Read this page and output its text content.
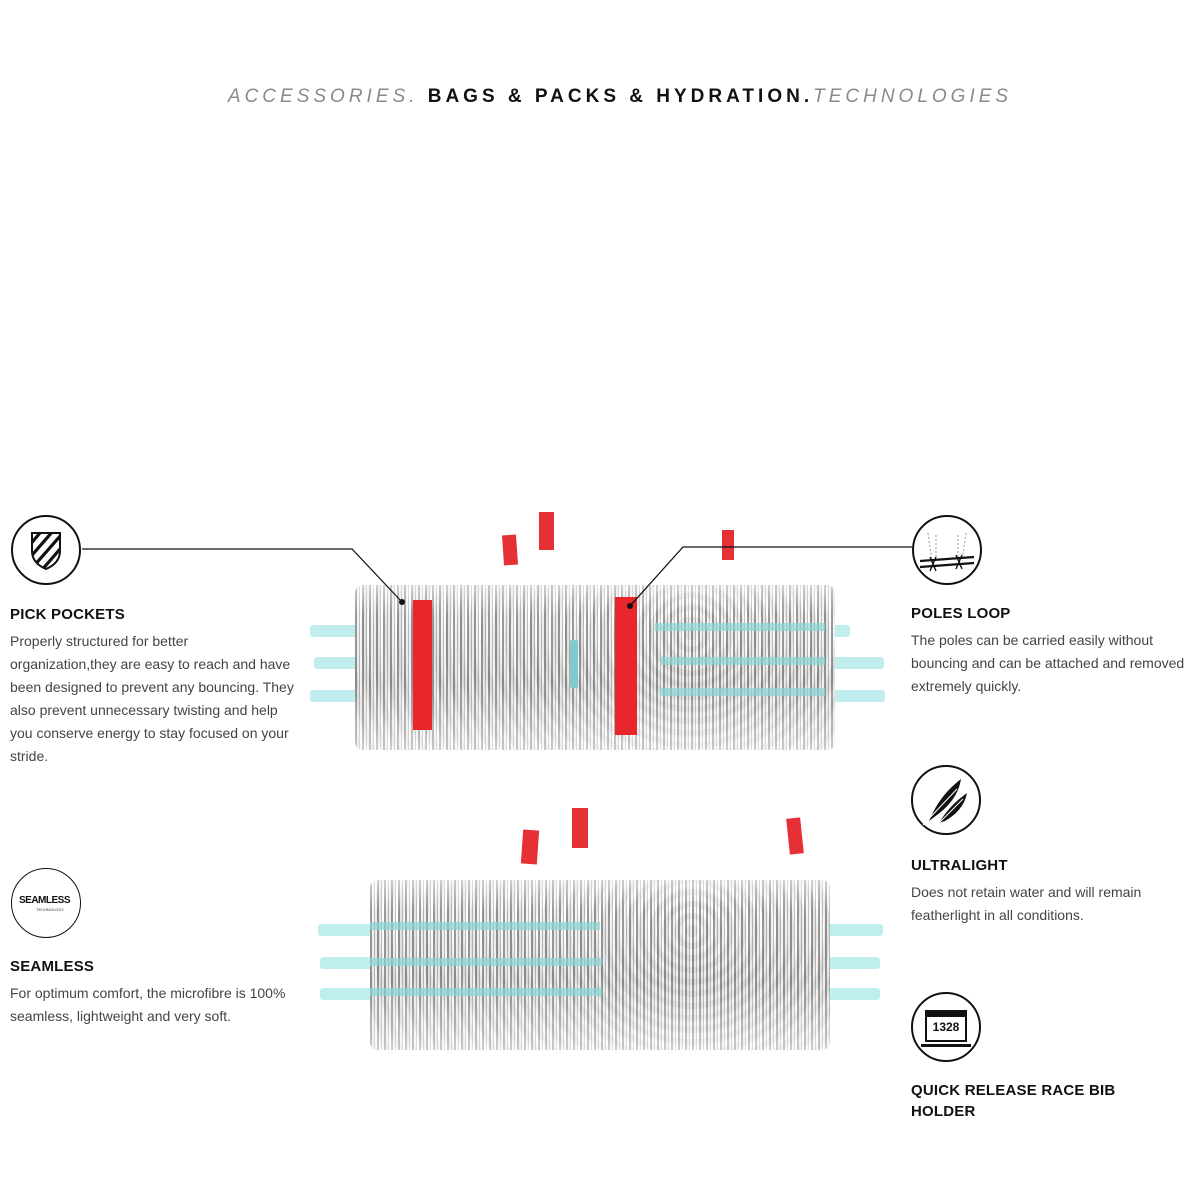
ACCESSORIES. BAGS & PACKS & HYDRATION.TECHNOLOGIES
PICK POCKETS
Properly structured for better organization,they are easy to reach and have been designed to prevent any bouncing. They also prevent unnecessary twisting and help you conserve energy to stay focused on your stride.
SEAMLESS
TECHNOLOGY
SEAMLESS
For optimum comfort, the microfibre is 100% seamless, lightweight and very soft.
POLES LOOP
The poles can be carried easily without bouncing and can be attached and removed extremely quickly.
ULTRALIGHT
Does not retain water and will remain featherlight in all conditions.
1328
QUICK RELEASE RACE BIB HOLDER
